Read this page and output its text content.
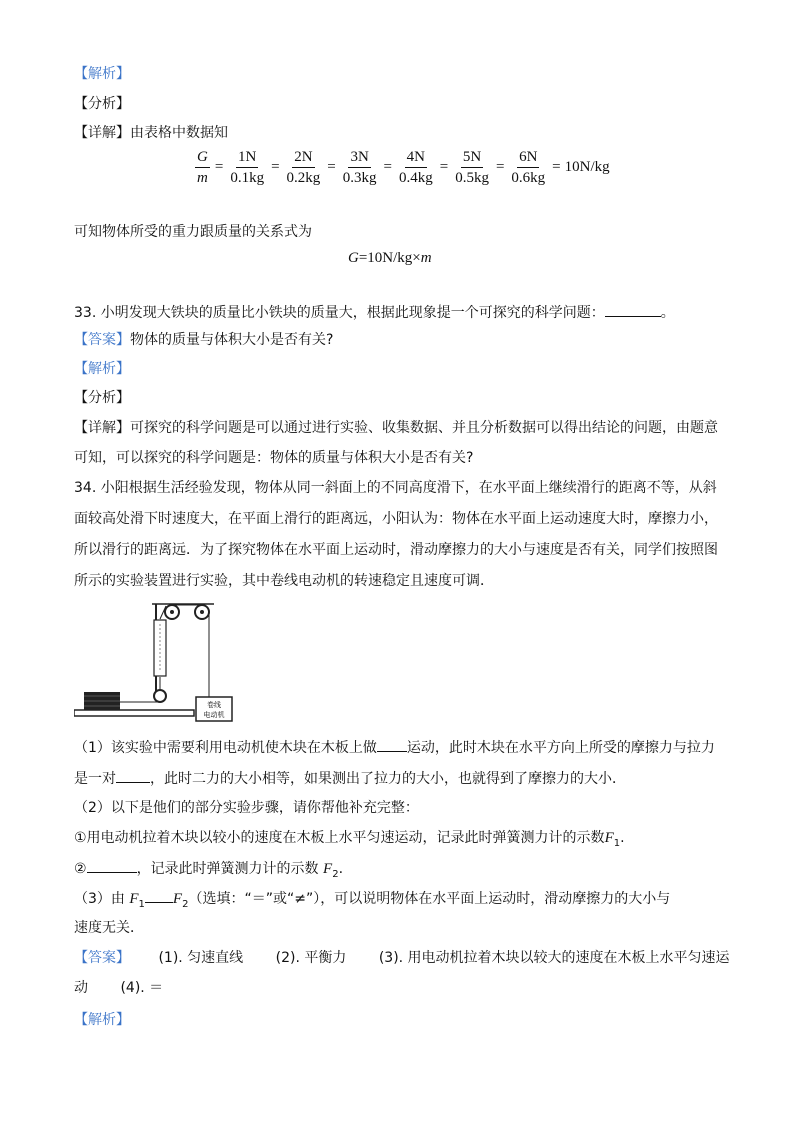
【解析】
【分析】
【详解】由表格中数据知
$\frac{G}{m} = \frac{1N}{0.1kg} = \frac{2N}{0.2kg} = \frac{3N}{0.3kg} = \frac{4N}{0.4kg} = \frac{5N}{0.5kg} = \frac{6N}{0.6kg} = 10N/kg$
可知物体所受的重力跟质量的关系式为
G=10N/kg×m
33. 小明发现大铁块的质量比小铁块的质量大，根据此现象提一个可探究的科学问题：	。
【答案】物体的质量与体积大小是否有关?
【解析】
【分析】
【详解】可探究的科学问题是可以通过进行实验、收集数据、并且分析数据可以得出结论的问题，由题意
可知，可以探究的科学问题是：物体的质量与体积大小是否有关?
34. 小阳根据生活经验发现，物体从同一斜面上的不同高度滑下，在水平面上继续滑行的距离不等，从斜
面较高处滑下时速度大，在平面上滑行的距离远，小阳认为：物体在水平面上运动速度大时，摩擦力小，
所以滑行的距离远．为了探究物体在水平面上运动时，滑动摩擦力的大小与速度是否有关，同学们按照图
所示的实验装置进行实验，其中卷线电动机的转速稳定且速度可调．
卷线
电动机
（1）该实验中需要利用电动机使木块在木板上做 运动，此时木块在水平方向上所受的摩擦力与拉力
是一对 ，此时二力的大小相等，如果测出了拉力的大小，也就得到了摩擦力的大小．
（2）以下是他们的部分实验步骤，请你帮他补充完整：
①用电动机拉着木块以较小的速度在木板上水平匀速运动，记录此时弹簧测力计的示数$F_1$.
②	，记录此时弹簧测力计的示数 $F_2$.
（3）由 $F_1$ $F_2$（选填：“＝”或“≠”），可以说明物体在水平面上运动时，滑动摩擦力的大小与
速度无关．
【答案】 (1). 匀速直线 (2). 平衡力 (3). 用电动机拉着木块以较大的速度在木板上水平匀速运
动 (4). ＝
【解析】
